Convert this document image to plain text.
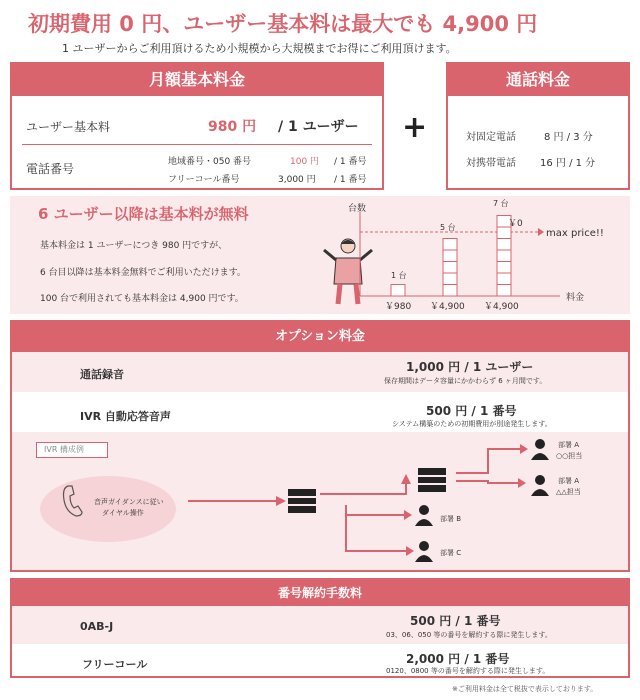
初期費用 0 円、ユーザー基本料は最大でも 4,900 円
1 ユーザーからご利用頂けるため小規模から大規模までお得にご利用頂けます。
月額基本料金
ユーザー基本料	980 円 / 1 ユーザー
電話番号	地域番号・050 番号	100 円 / 1 番号
フリーコール番号	3,000 円 / 1 番号
+
通話料金
対固定電話	8 円 / 3 分
対携帯電話 16 円 / 1 分
6 ユーザー以降は基本料が無料
基本料金は 1 ユーザーにつき 980 円ですが、
6 台目以降は基本料金無料でご利用いただけます。
100 台で利用されても基本料金は 4,900 円です。
台数
料金
max price!!
￥0
1 台
5 台
7 台
￥980 ￥4,900 ￥4,900
オプション料金
通話録音
1,000 円 / 1 ユーザー
保存期間はデータ容量にかかわらず 6 ヶ月間です。
IVR 自動応答音声	500 円 / 1 番号
システム構築のための初期費用が別途発生します。
IVR 構成例
音声ガイダンスに従い
ダイヤル操作
部署 A
○○担当
部署 A
△△担当
部署 B
部署 C
番号解約手数料
0AB-J	500 円 / 1 番号
03、06、050 等の番号を解約する際に発生します。
フリーコール	2,000 円 / 1 番号
0120、0800 等の番号を解約する際に発生します。
※ご利用料金は全て税抜で表示しております。
